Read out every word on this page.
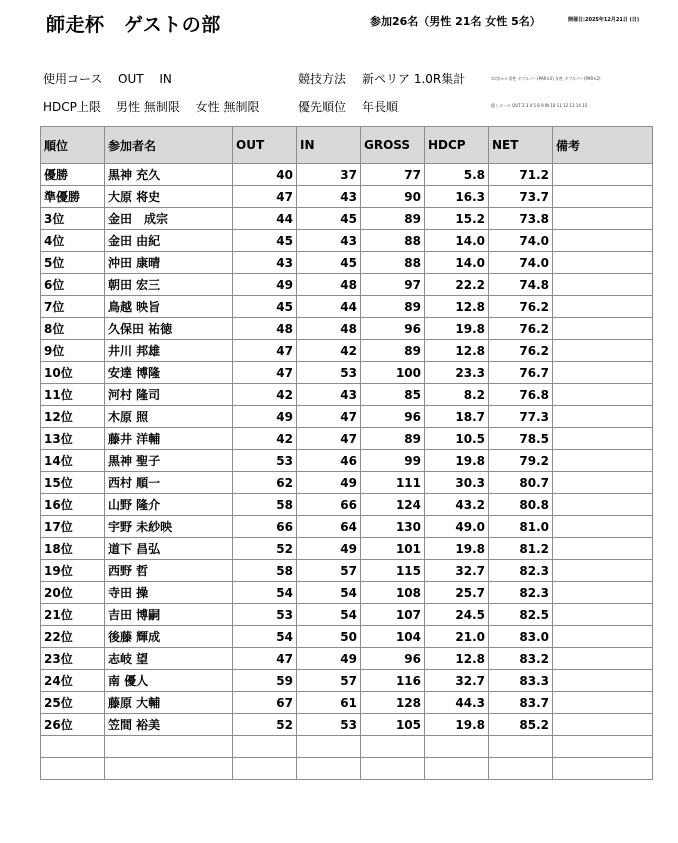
師走杯　ゲストの部	参加26名（男性 21名 女性 5名）	開催日:2025年12月21日 (日)
使用コース OUT　 IN	競技方法 新ペリア 1.0R集計	ｽｺｱ計ﾙｰﾙ 男性 ダブルパー(PAR×2) 女性 ダブルパー(PAR×2)
HDCP上限 男性 無制限　 女性 無制限	優先順位 年長順	隠しホール OUT 2 3 4 5 6 9 IN 10 11 12 13 14 15
順位	参加者名	OUT	IN	GROSS	HDCP	NET	備考
優勝	黒神 充久	40	37	77	5.8	71.2	
準優勝	大原 将史	47	43	90	16.3	73.7	
3位	金田　成宗	44	45	89	15.2	73.8	
4位	金田 由紀	45	43	88	14.0	74.0	
5位	沖田 康晴	43	45	88	14.0	74.0	
6位	朝田 宏三	49	48	97	22.2	74.8	
7位	鳥越 映旨	45	44	89	12.8	76.2	
8位	久保田 祐徳	48	48	96	19.8	76.2	
9位	井川 邦雄	47	42	89	12.8	76.2	
10位	安達 博隆	47	53	100	23.3	76.7	
11位	河村 隆司	42	43	85	8.2	76.8	
12位	木原 照	49	47	96	18.7	77.3	
13位	藤井 洋輔	42	47	89	10.5	78.5	
14位	黒神 聖子	53	46	99	19.8	79.2	
15位	西村 順一	62	49	111	30.3	80.7	
16位	山野 隆介	58	66	124	43.2	80.8	
17位	宇野 未紗映	66	64	130	49.0	81.0	
18位	道下 昌弘	52	49	101	19.8	81.2	
19位	西野 哲	58	57	115	32.7	82.3	
20位	寺田 操	54	54	108	25.7	82.3	
21位	吉田 博嗣	53	54	107	24.5	82.5	
22位	後藤 輝成	54	50	104	21.0	83.0	
23位	志岐 望	47	49	96	12.8	83.2	
24位	南 優人	59	57	116	32.7	83.3	
25位	藤原 大輔	67	61	128	44.3	83.7	
26位	笠間 裕美	52	53	105	19.8	85.2	
